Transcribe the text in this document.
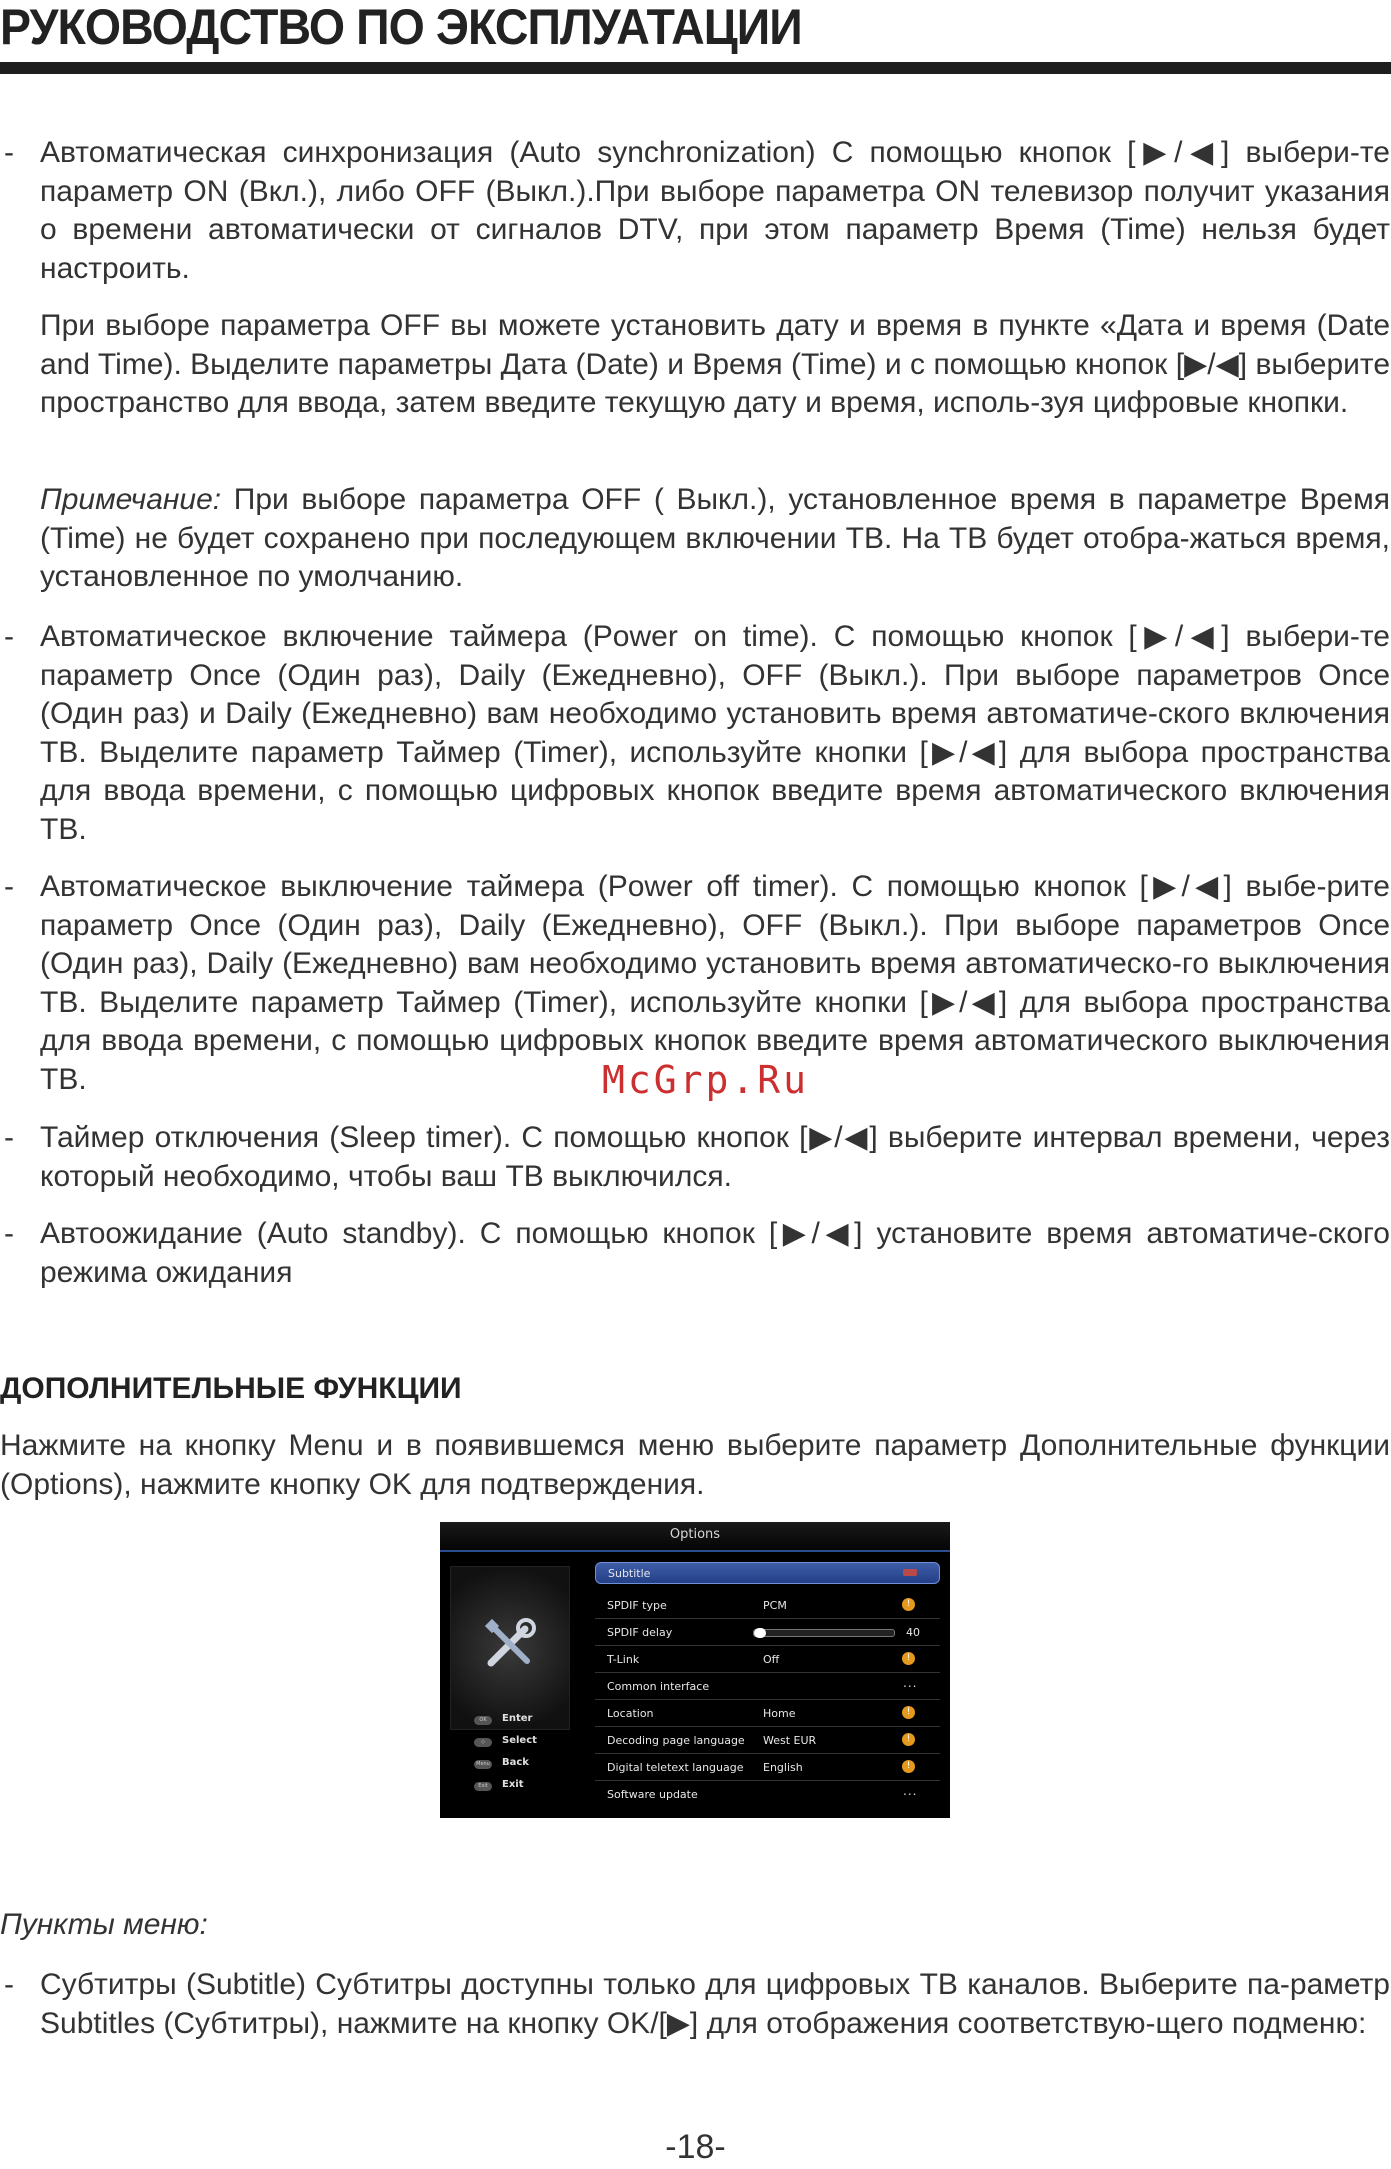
РУКОВОДСТВО ПО ЭКСПЛУАТАЦИИ
- Автоматическая синхронизация (Auto synchronization) С помощью кнопок [▶/◀] выбери-те параметр ON (Вкл.), либо OFF (Выкл.).При выборе параметра ON телевизор получит указания о времени автоматически от сигналов DTV, при этом параметр Время (Time) нельзя будет настроить.
При выборе параметра OFF вы можете установить дату и время в пункте «Дата и время (Date and Time). Выделите параметры Дата (Date) и Время (Time) и с помощью кнопок [▶/◀] выберите пространство для ввода, затем введите текущую дату и время, исполь-зуя цифровые кнопки.
Примечание: При выборе параметра OFF ( Выкл.), установленное время в параметре Время (Time) не будет сохранено при последующем включении ТВ. На ТВ будет отобра-жаться время, установленное по умолчанию.
- Автоматическое включение таймера (Power on time). С помощью кнопок [▶/◀] выбери-те параметр Once (Один раз), Daily (Ежедневно), OFF (Выкл.). При выборе параметров Once (Один раз) и Daily (Ежедневно) вам необходимо установить время автоматиче-ского включения ТВ. Выделите параметр Таймер (Timer), используйте кнопки [▶/◀] для выбора пространства для ввода времени, с помощью цифровых кнопок введите время автоматического включения ТВ.
- Автоматическое выключение таймера (Power off timer). С помощью кнопок [▶/◀] выбе-рите параметр Once (Один раз), Daily (Ежедневно), OFF (Выкл.). При выборе параметров Once (Один раз), Daily (Ежедневно) вам необходимо установить время автоматическо-го выключения ТВ. Выделите параметр Таймер (Timer), используйте кнопки [▶/◀] для выбора пространства для ввода времени, с помощью цифровых кнопок введите время автоматического выключения ТВ.	McGrp.Ru
- Таймер отключения (Sleep timer). С помощью кнопок [▶/◀] выберите интервал времени, через который необходимо, чтобы ваш ТВ выключился.
- Автоожидание (Auto standby). С помощью кнопок [▶/◀] установите время автоматиче-ского режима ожидания
ДОПОЛНИТЕЛЬНЫЕ ФУНКЦИИ
Нажмите на кнопку Menu и в появившемся меню выберите параметр Дополнительные функции (Options), нажмите кнопку OK для подтверждения.
Options
OK	Enter
◇	Select
Menu Back
Exit	Exit
Subtitle
SPDIF type	PCM	!
SPDIF delay	40
T-Link	Off	!
Common interface	...
Location	Home	!
Decoding page language West EUR	!
Digital teletext language English	!
Software update	...
Пункты меню:
- Субтитры (Subtitle) Субтитры доступны только для цифровых ТВ каналов. Выберите па-раметр Subtitles (Субтитры), нажмите на кнопку OK/[▶] для отображения соответствую-щего подменю:
-18-
